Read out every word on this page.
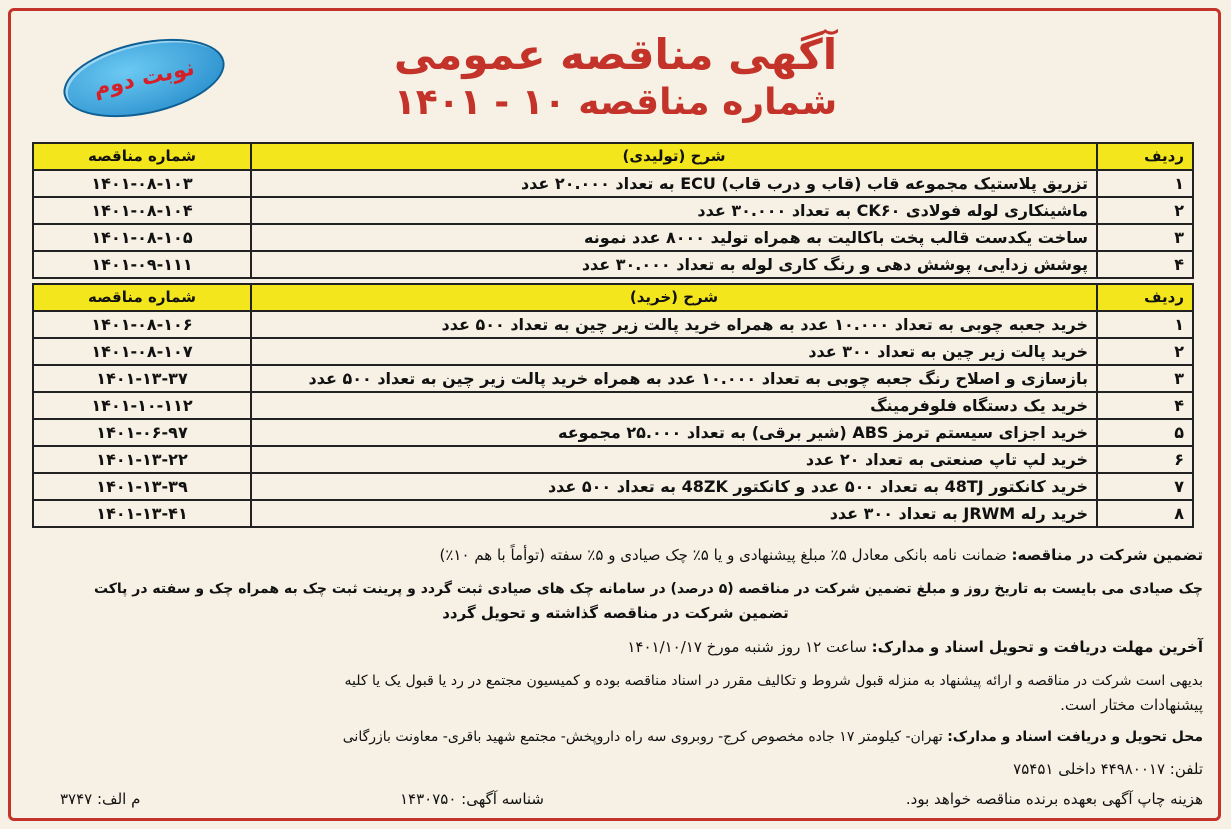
نوبت دوم	آگهی مناقصه عمومی
شماره مناقصه ۱۰ - ۱۴۰۱
ردیف	شرح (تولیدی)	شماره مناقصه
۱	تزریق پلاستیک مجموعه قاب (قاب و درب قاب) ECU به تعداد ۲۰.۰۰۰ عدد	۱۴۰۱-۰۸-۱۰۳
۲	ماشینکاری لوله فولادی CK۶۰ به تعداد ۳۰.۰۰۰ عدد	۱۴۰۱-۰۸-۱۰۴
۳	ساخت یکدست قالب پخت باکالیت به همراه تولید ۸۰۰۰ عدد نمونه	۱۴۰۱-۰۸-۱۰۵
۴	پوشش زدایی، پوشش دهی و رنگ کاری لوله به تعداد ۳۰.۰۰۰ عدد	۱۴۰۱-۰۹-۱۱۱
ردیف	شرح (خرید)	شماره مناقصه
۱	خرید جعبه چوبی به تعداد ۱۰.۰۰۰ عدد به همراه خرید پالت زیر چین به تعداد ۵۰۰ عدد	۱۴۰۱-۰۸-۱۰۶
۲	خرید پالت زیر چین به تعداد ۳۰۰ عدد	۱۴۰۱-۰۸-۱۰۷
۳	بازسازی و اصلاح رنگ جعبه چوبی به تعداد ۱۰.۰۰۰ عدد به همراه خرید پالت زیر چین به تعداد ۵۰۰ عدد	۱۴۰۱-۱۳-۳۷
۴	خرید یک دستگاه فلوفرمینگ	۱۴۰۱-۱۰-۱۱۲
۵	خرید اجزای سیستم ترمز ABS (شیر برقی) به تعداد ۲۵.۰۰۰ مجموعه	۱۴۰۱-۰۶-۹۷
۶	خرید لپ تاپ صنعتی به تعداد ۲۰ عدد	۱۴۰۱-۱۳-۲۲
۷	خرید کانکتور 48TJ به تعداد ۵۰۰ عدد و کانکتور 48ZK به تعداد ۵۰۰ عدد	۱۴۰۱-۱۳-۳۹
۸	خرید رله JRWM به تعداد ۳۰۰ عدد	۱۴۰۱-۱۳-۴۱
تضمین شرکت در مناقصه: ضمانت نامه بانکی معادل ۵٪ مبلغ پیشنهادی و یا ۵٪ چک صیادی و ۵٪ سفته (توأماً با هم ۱۰٪)
چک صیادی می بایست به تاریخ روز و مبلغ تضمین شرکت در مناقصه (۵ درصد) در سامانه چک های صیادی ثبت گردد و پرینت ثبت چک به همراه چک و سفته در پاکت
تضمین شرکت در مناقصه گذاشته و تحویل گردد
آخرین مهلت دریافت و تحویل اسناد و مدارک: ساعت ۱۲ روز شنبه مورخ ۱۴۰۱/۱۰/۱۷
بدیهی است شرکت در مناقصه و ارائه پیشنهاد به منزله قبول شروط و تکالیف مقرر در اسناد مناقصه بوده و کمیسیون مجتمع در رد یا قبول یک یا کلیه
پیشنهادات مختار است.
محل تحویل و دریافت اسناد و مدارک: تهران- کیلومتر ۱۷ جاده مخصوص کرج- روبروی سه راه داروپخش- مجتمع شهید باقری- معاونت بازرگانی
تلفن: ۴۴۹۸۰۰۱۷ داخلی ۷۵۴۵۱
هزینه چاپ آگهی بعهده برنده مناقصه خواهد بود.
شناسه آگهی: ۱۴۳۰۷۵۰
م الف: ۳۷۴۷
